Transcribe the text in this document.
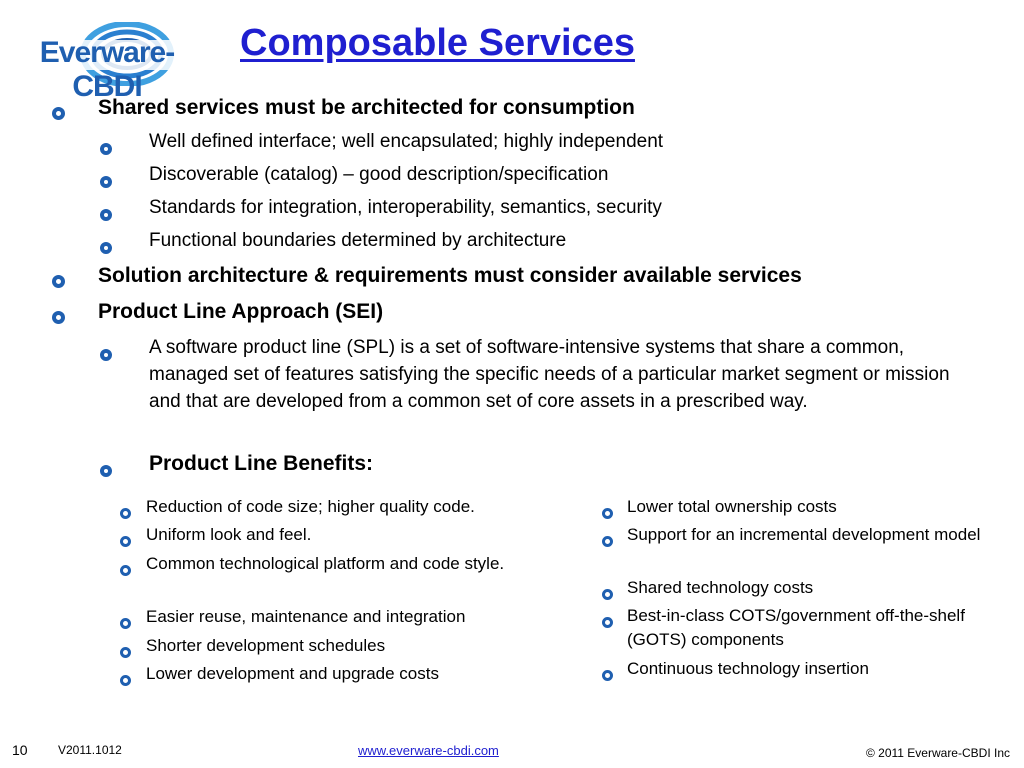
Everware-CBDI
Composable Services
Shared services must be architected for consumption
Well defined interface; well encapsulated; highly independent
Discoverable (catalog) – good description/specification
Standards for integration, interoperability, semantics, security
Functional boundaries determined by architecture
Solution architecture & requirements must consider available services
Product Line Approach (SEI)
A software product line (SPL) is a set of software-intensive systems that share a common, managed set of features satisfying the specific needs of a particular market segment or mission and that are developed from a common set of core assets in a prescribed way.
Product Line Benefits:
Reduction of code size; higher quality code.
Uniform look and feel.
Common technological platform and code style.
Easier reuse, maintenance and integration
Shorter development schedules
Lower development and upgrade costs
Lower total ownership costs
Support for an incremental development model
Shared technology costs
Best-in-class COTS/government off-the-shelf (GOTS) components
Continuous technology insertion
10	V2011.1012	www.everware-cbdi.com	© 2011 Everware-CBDI Inc
